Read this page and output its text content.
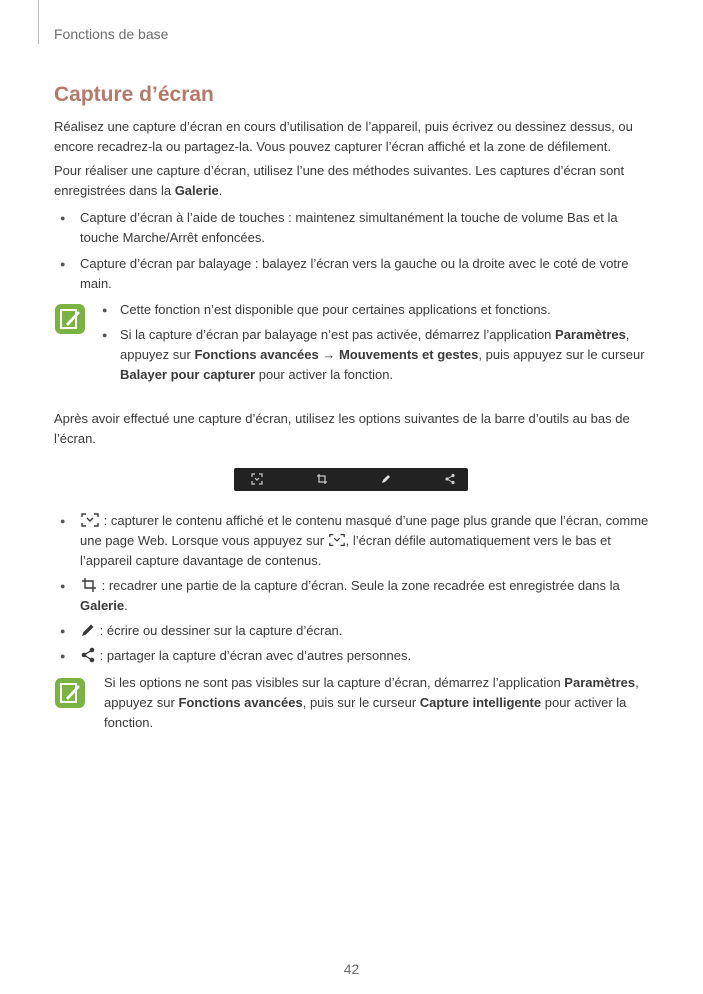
Fonctions de base
Capture d’écran
Réalisez une capture d’écran en cours d’utilisation de l’appareil, puis écrivez ou dessinez dessus, ou encore recadrez-la ou partagez-la. Vous pouvez capturer l’écran affiché et la zone de défilement.
Pour réaliser une capture d’écran, utilisez l’une des méthodes suivantes. Les captures d’écran sont enregistrées dans la Galerie.
● Capture d’écran à l’aide de touches : maintenez simultanément la touche de volume Bas et la touche Marche/Arrêt enfoncées.
● Capture d’écran par balayage : balayez l’écran vers la gauche ou la droite avec le coté de votre main.
● Cette fonction n’est disponible que pour certaines applications et fonctions.
● Si la capture d’écran par balayage n’est pas activée, démarrez l’application Paramètres, appuyez sur Fonctions avancées → Mouvements et gestes, puis appuyez sur le curseur Balayer pour capturer pour activer la fonction.
Après avoir effectué une capture d’écran, utilisez les options suivantes de la barre d’outils au bas de l’écran.
●	: capturer le contenu affiché et le contenu masqué d’une page plus grande que l’écran, comme une page Web. Lorsque vous appuyez sur , l’écran défile automatiquement vers le bas et l’appareil capture davantage de contenus.
●	: recadrer une partie de la capture d’écran. Seule la zone recadrée est enregistrée dans la Galerie.
●	: écrire ou dessiner sur la capture d’écran.
●	: partager la capture d’écran avec d’autres personnes.
Si les options ne sont pas visibles sur la capture d’écran, démarrez l’application Paramètres, appuyez sur Fonctions avancées, puis sur le curseur Capture intelligente pour activer la fonction.
42
